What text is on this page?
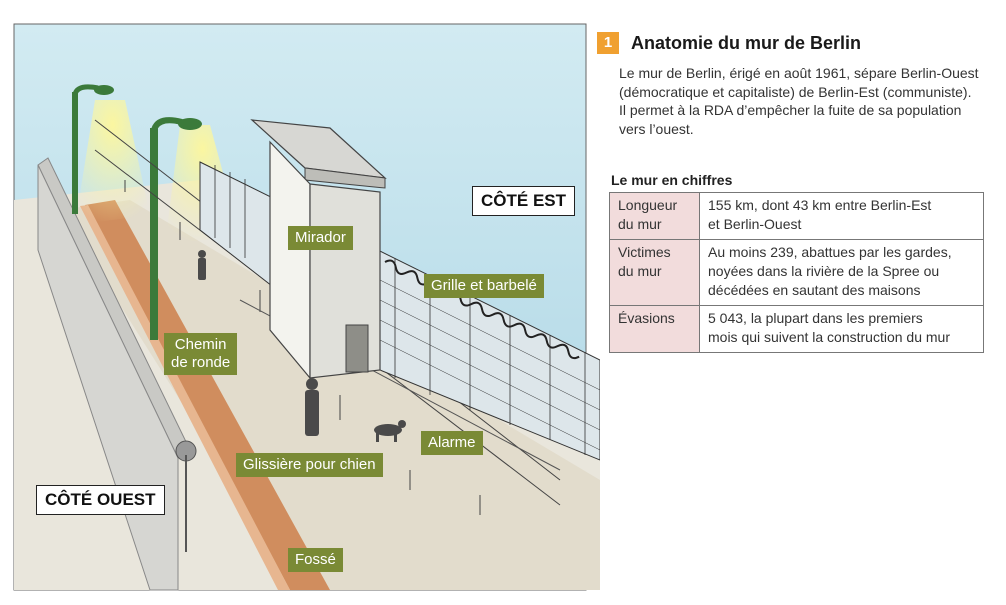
Mirador
Grille et barbelé
Chemin
de ronde
Alarme
Glissière pour chien
Fossé
CÔTÉ EST
CÔTÉ OUEST
1	Anatomie du mur de Berlin
Le mur de Berlin, érigé en août 1961, sépare Berlin-Ouest
(démocratique et capitaliste) de Berlin-Est (communiste).
Il permet à la RDA d’empêcher la fuite de sa population
vers l’ouest.
Le mur en chiffres
Longueur
du mur	155 km, dont 43 km entre Berlin-Est
et Berlin-Ouest

Victimes
du mur	Au moins 239, abattues par les gardes,
noyées dans la rivière de la Spree ou
décédées en sautant des maisons

Évasions	5 043, la plupart dans les premiers
mois qui suivent la construction du mur
